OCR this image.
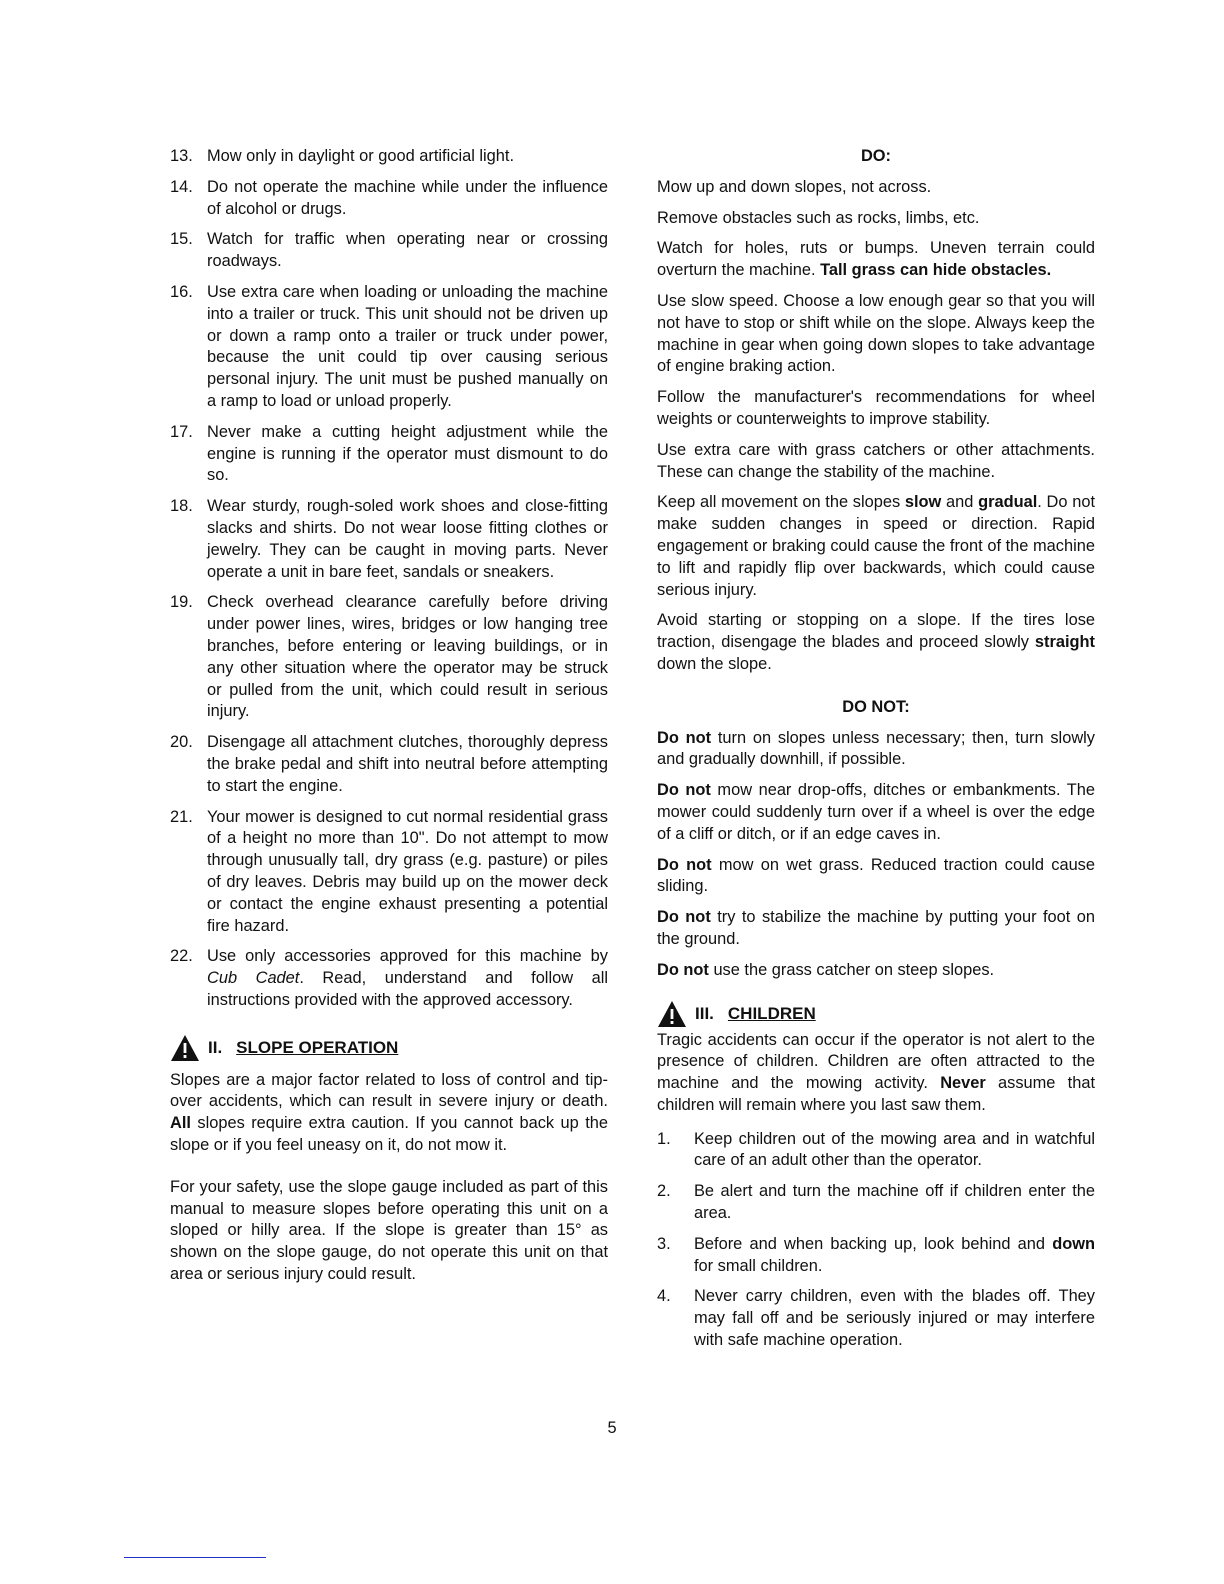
13. Mow only in daylight or good artificial light.
14. Do not operate the machine while under the influence of alcohol or drugs.
15. Watch for traffic when operating near or crossing roadways.
16. Use extra care when loading or unloading the machine into a trailer or truck. This unit should not be driven up or down a ramp onto a trailer or truck under power, because the unit could tip over causing serious personal injury. The unit must be pushed manually on a ramp to load or unload properly.
17. Never make a cutting height adjustment while the engine is running if the operator must dismount to do so.
18. Wear sturdy, rough-soled work shoes and close-fitting slacks and shirts. Do not wear loose fitting clothes or jewelry. They can be caught in moving parts. Never operate a unit in bare feet, sandals or sneakers.
19. Check overhead clearance carefully before driving under power lines, wires, bridges or low hanging tree branches, before entering or leaving buildings, or in any other situation where the operator may be struck or pulled from the unit, which could result in serious injury.
20. Disengage all attachment clutches, thoroughly depress the brake pedal and shift into neutral before attempting to start the engine.
21. Your mower is designed to cut normal residential grass of a height no more than 10". Do not attempt to mow through unusually tall, dry grass (e.g. pasture) or piles of dry leaves. Debris may build up on the mower deck or contact the engine exhaust presenting a potential fire hazard.
22. Use only accessories approved for this machine by Cub Cadet. Read, understand and follow all instructions provided with the approved accessory.
II. SLOPE OPERATION

Slopes are a major factor related to loss of control and tip-over accidents, which can result in severe injury or death. All slopes require extra caution. If you cannot back up the slope or if you feel uneasy on it, do not mow it.

For your safety, use the slope gauge included as part of this manual to measure slopes before operating this unit on a sloped or hilly area. If the slope is greater than 15° as shown on the slope gauge, do not operate this unit on that area or serious injury could result.

DO:

Mow up and down slopes, not across.

Remove obstacles such as rocks, limbs, etc.

Watch for holes, ruts or bumps. Uneven terrain could overturn the machine. Tall grass can hide obstacles.

Use slow speed. Choose a low enough gear so that you will not have to stop or shift while on the slope. Always keep the machine in gear when going down slopes to take advantage of engine braking action.

Follow the manufacturer's recommendations for wheel weights or counterweights to improve stability.

Use extra care with grass catchers or other attachments. These can change the stability of the machine.

Keep all movement on the slopes slow and gradual. Do not make sudden changes in speed or direction. Rapid engagement or braking could cause the front of the machine to lift and rapidly flip over backwards, which could cause serious injury.

Avoid starting or stopping on a slope. If the tires lose traction, disengage the blades and proceed slowly straight down the slope.

DO NOT:

Do not turn on slopes unless necessary; then, turn slowly and gradually downhill, if possible.

Do not mow near drop-offs, ditches or embankments. The mower could suddenly turn over if a wheel is over the edge of a cliff or ditch, or if an edge caves in.

Do not mow on wet grass. Reduced traction could cause sliding.

Do not try to stabilize the machine by putting your foot on the ground.

Do not use the grass catcher on steep slopes.

III. CHILDREN

Tragic accidents can occur if the operator is not alert to the presence of children. Children are often attracted to the machine and the mowing activity. Never assume that children will remain where you last saw them.

1.	Keep children out of the mowing area and in watchful care of an adult other than the operator.
2.	Be alert and turn the machine off if children enter the area.
3.	Before and when backing up, look behind and down for small children.
4.	Never carry children, even with the blades off. They may fall off and be seriously injured or may interfere with safe machine operation.
5
